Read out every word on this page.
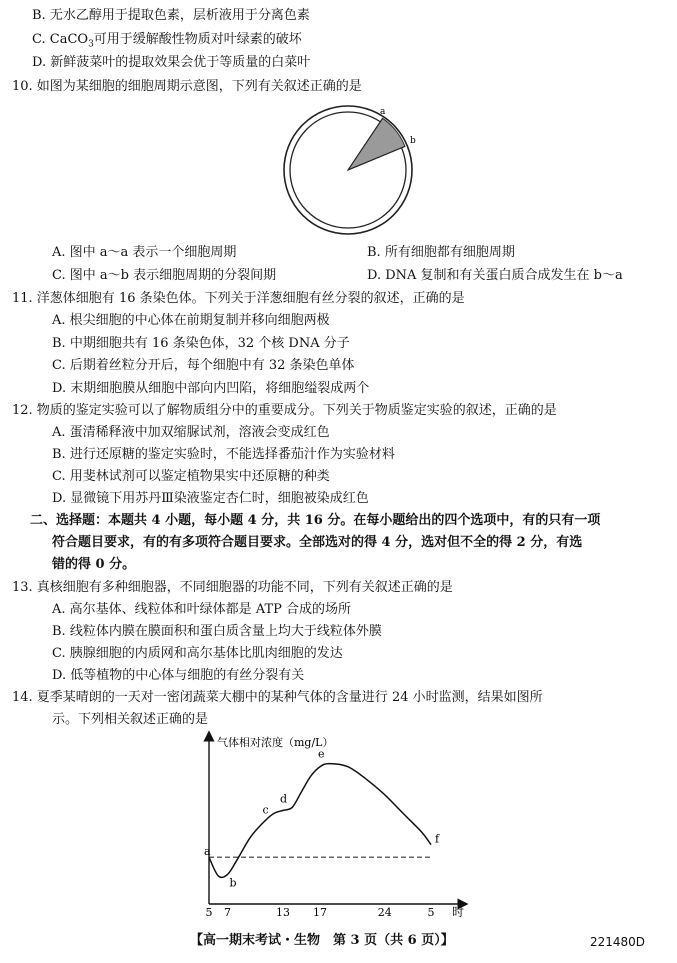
B. 无水乙醇用于提取色素，层析液用于分离色素
C. CaCO$_3$可用于缓解酸性物质对叶绿素的破坏
D. 新鲜菠菜叶的提取效果会优于等质量的白菜叶
10. 如图为某细胞的细胞周期示意图，下列有关叙述正确的是
a
b
A. 图中 a～a 表示一个细胞周期	B. 所有细胞都有细胞周期
C. 图中 a～b 表示细胞周期的分裂间期	D. DNA 复制和有关蛋白质合成发生在 b～a
11. 洋葱体细胞有 16 条染色体。下列关于洋葱细胞有丝分裂的叙述，正确的是
A. 根尖细胞的中心体在前期复制并移向细胞两极
B. 中期细胞共有 16 条染色体，32 个核 DNA 分子
C. 后期着丝粒分开后，每个细胞中有 32 条染色单体
D. 末期细胞膜从细胞中部向内凹陷，将细胞缢裂成两个
12. 物质的鉴定实验可以了解物质组分中的重要成分。下列关于物质鉴定实验的叙述，正确的是
A. 蛋清稀释液中加双缩脲试剂，溶液会变成红色
B. 进行还原糖的鉴定实验时，不能选择番茄汁作为实验材料
C. 用斐林试剂可以鉴定植物果实中还原糖的种类
D. 显微镜下用苏丹Ⅲ染液鉴定杏仁时，细胞被染成红色
二、选择题：本题共 4 小题，每小题 4 分，共 16 分。在每小题给出的四个选项中，有的只有一项
符合题目要求，有的有多项符合题目要求。全部选对的得 4 分，选对但不全的得 2 分，有选
错的得 0 分。
13. 真核细胞有多种细胞器，不同细胞器的功能不同，下列有关叙述正确的是
A. 高尔基体、线粒体和叶绿体都是 ATP 合成的场所
B. 线粒体内膜在膜面积和蛋白质含量上均大于线粒体外膜
C. 胰腺细胞的内质网和高尔基体比肌肉细胞的发达
D. 低等植物的中心体与细胞的有丝分裂有关
14. 夏季某晴朗的一天对一密闭蔬菜大棚中的某种气体的含量进行 24 小时监测，结果如图所
示。下列相关叙述正确的是
气体相对浓度（mg/L）
时
5 7	13 17	24	5
a
b
c
d
e
f
【高一期末考试・生物　第 3 页（共 6 页）】	221480D
